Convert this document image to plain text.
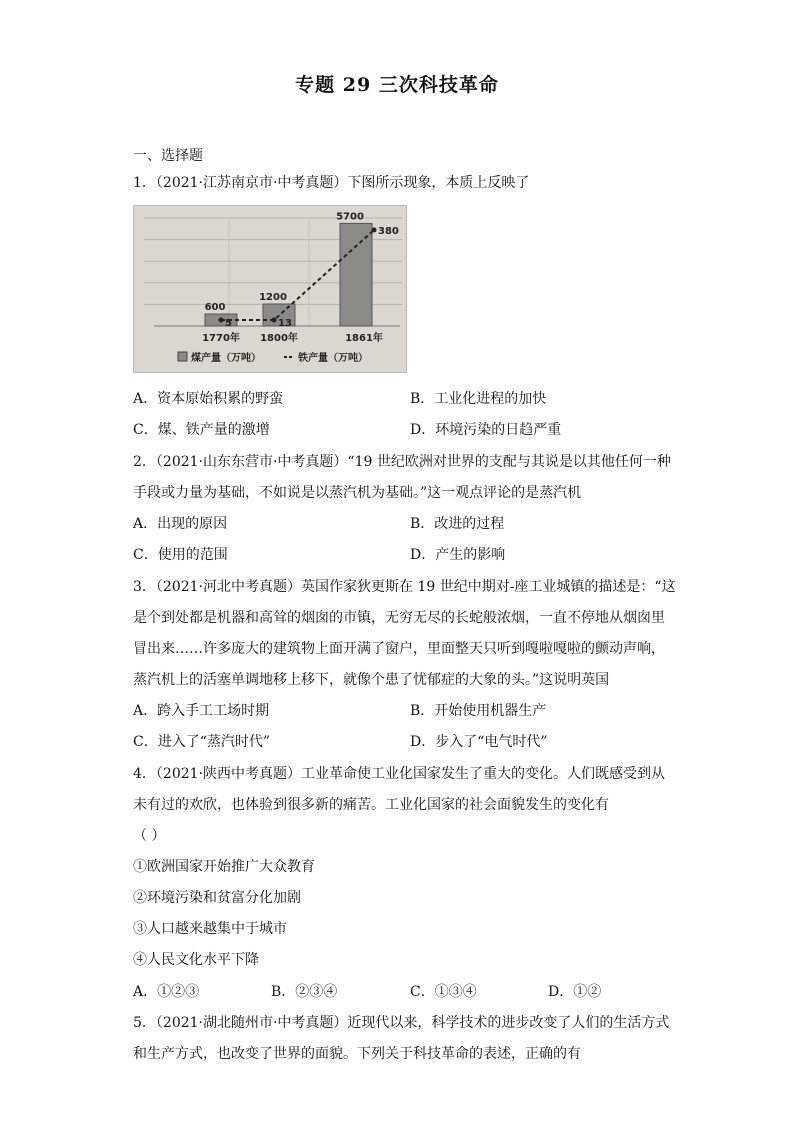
专题 29 三次科技革命
一、选择题
1．（2021·江苏南京市·中考真题）下图所示现象，本质上反映了
600
1200
5700
5	13
380
1770年 1800年	1861年
煤产量（万吨）	铁产量（万吨）
A．资本原始积累的野蛮	B．工业化进程的加快
C．煤、铁产量的激增	D．环境污染的日趋严重
2．（2021·山东东营市·中考真题）“19 世纪欧洲对世界的支配与其说是以其他任何一种
手段或力量为基础，不如说是以蒸汽机为基础。”这一观点评论的是蒸汽机
A．出现的原因	B．改进的过程
C．使用的范围	D．产生的影响
3．（2021·河北中考真题）英国作家狄更斯在 19 世纪中期对-座工业城镇的描述是：“这
是个到处都是机器和高耸的烟囱的市镇，无穷无尽的长蛇般浓烟，一直不停地从烟囱里
冒出来……许多庞大的建筑物上面开满了窗户，里面整天只听到嘎啦嘎啦的颤动声响，
蒸汽机上的活塞单调地移上移下，就像个患了忧郁症的大象的头。”这说明英国
A．跨入手工工场时期	B．开始使用机器生产
C．进入了“蒸汽时代”	D．步入了“电气时代”
4．（2021·陕西中考真题）工业革命使工业化国家发生了重大的变化。人们既感受到从
未有过的欢欣，也体验到很多新的痛苦。工业化国家的社会面貌发生的变化有
（ ）
①欧洲国家开始推广大众教育
②环境污染和贫富分化加剧
③人口越来越集中于城市
④人民文化水平下降
A．①②③	B．②③④	C．①③④	D．①②
5．（2021·湖北随州市·中考真题）近现代以来，科学技术的进步改变了人们的生活方式
和生产方式，也改变了世界的面貌。下列关于科技革命的表述，正确的有
